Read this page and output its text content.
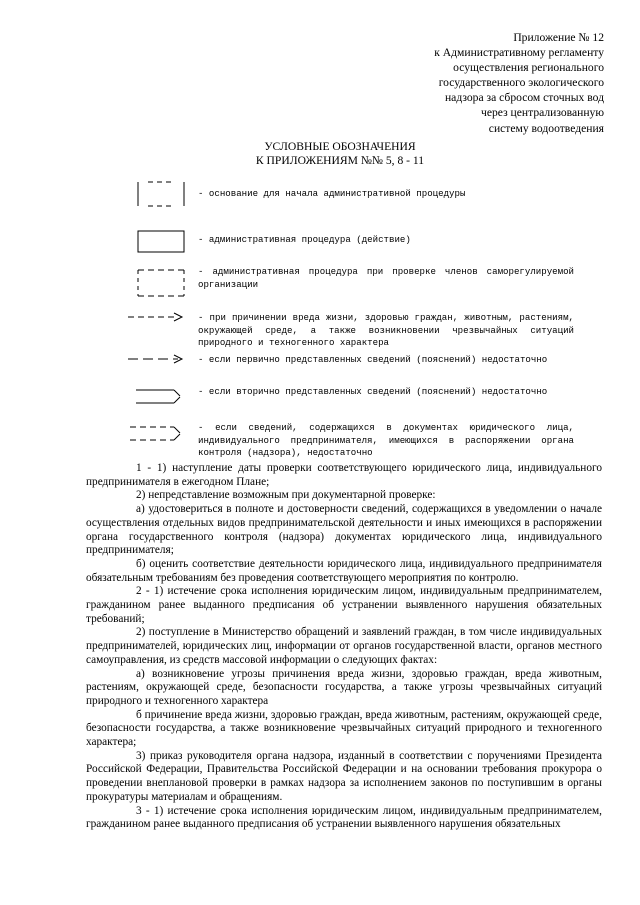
Приложение № 12
к Административному регламенту
осуществления регионального
государственного экологического
надзора за сбросом сточных вод
через централизованную
систему водоотведения
УСЛОВНЫЕ ОБОЗНАЧЕНИЯ
К ПРИЛОЖЕНИЯМ №№ 5, 8 - 11
- основание для начала административной процедуры
- административная процедура (действие)
- административная процедура при проверке членов саморегулируемой организации
- при причинении вреда жизни, здоровью граждан, животным, растениям, окружающей среде, а также возникновении чрезвычайных ситуаций природного и техногенного характера
- если первично представленных сведений (пояснений) недостаточно
- если вторично представленных сведений (пояснений) недостаточно
- если сведений, содержащихся в документах юридического лица, индивидуального предпринимателя, имеющихся в распоряжении органа контроля (надзора), недостаточно

1 - 1) наступление даты проверки соответствующего юридического лица, индивидуального предпринимателя в ежегодном Плане;

2) непредставление возможным при документарной проверке:

а) удостовериться в полноте и достоверности сведений, содержащихся в уведомлении о начале осуществления отдельных видов предпринимательской деятельности и иных имеющихся в распоряжении органа государственного контроля (надзора) документах юридического лица, индивидуального предпринимателя;

б) оценить соответствие деятельности юридического лица, индивидуального предпринимателя обязательным требованиям без проведения соответствующего мероприятия по контролю.

2 - 1) истечение срока исполнения юридическим лицом, индивидуальным предпринимателем, гражданином ранее выданного предписания об устранении выявленного нарушения обязательных требований;

2) поступление в Министерство обращений и заявлений граждан, в том числе индивидуальных предпринимателей, юридических лиц, информации от органов государственной власти, органов местного самоуправления, из средств массовой информации о следующих фактах:

а) возникновение угрозы причинения вреда жизни, здоровью граждан, вреда животным, растениям, окружающей среде, безопасности государства, а также угрозы чрезвычайных ситуаций природного и техногенного характера

б причинение вреда жизни, здоровью граждан, вреда животным, растениям, окружающей среде, безопасности государства, а также возникновение чрезвычайных ситуаций природного и техногенного характера;

3) приказ руководителя органа надзора, изданный в соответствии с поручениями Президента Российской Федерации, Правительства Российской Федерации и на основании требования прокурора о проведении внеплановой проверки в рамках надзора за исполнением законов по поступившим в органы прокуратуры материалам и обращениям.

3 - 1) истечение срока исполнения юридическим лицом, индивидуальным предпринимателем, гражданином ранее выданного предписания об устранении выявленного нарушения обязательных
